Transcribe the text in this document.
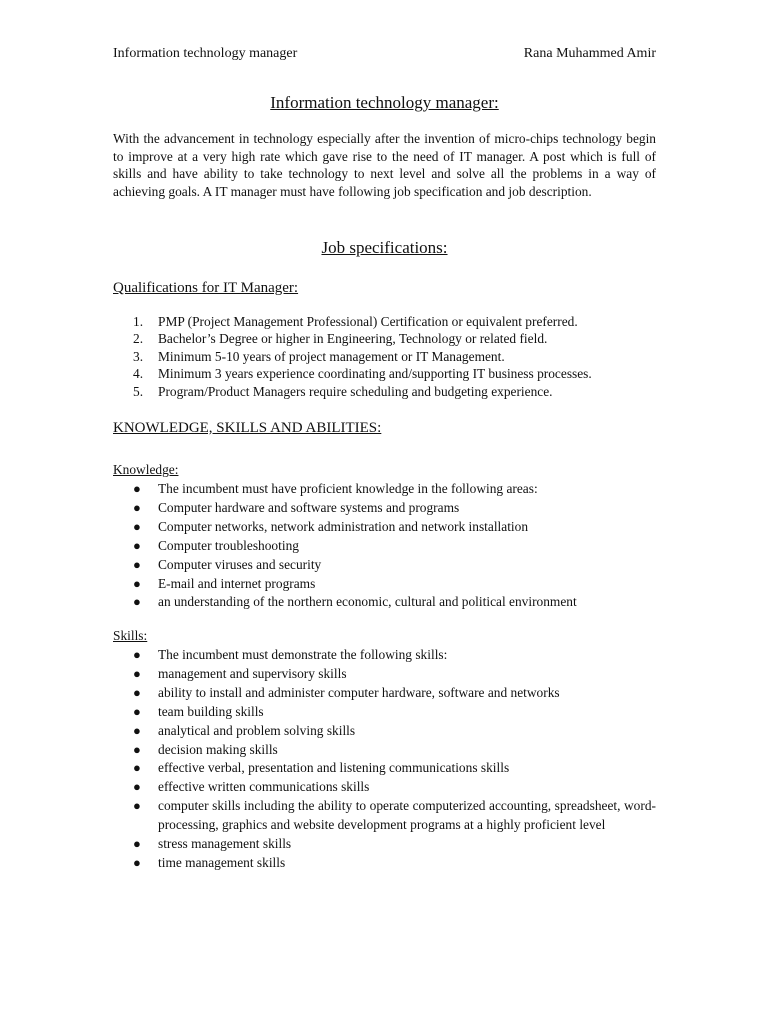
Information technology manager	Rana Muhammed Amir
Information technology manager:

With the advancement in technology especially after the invention of micro-chips technology begin to improve at a very high rate which gave rise to the need of IT manager. A post which is full of skills and have ability to take technology to next level and solve all the problems in a way of achieving goals. A IT manager must have following job specification and job description.

Job specifications:
Qualifications for IT Manager:
1.	PMP (Project Management Professional) Certification or equivalent preferred.
2.	Bachelor’s Degree or higher in Engineering, Technology or related field.
3.	Minimum 5-10 years of project management or IT Management.
4.	Minimum 3 years experience coordinating and/supporting IT business processes.
5.	Program/Product Managers require scheduling and budgeting experience.
KNOWLEDGE, SKILLS AND ABILITIES:
Knowledge:
●	The incumbent must have proficient knowledge in the following areas:
●	Computer hardware and software systems and programs
●	Computer networks, network administration and network installation
●	Computer troubleshooting
●	Computer viruses and security
●	E-mail and internet programs
●	an understanding of the northern economic, cultural and political environment
Skills:
●	The incumbent must demonstrate the following skills:
●	management and supervisory skills
●	ability to install and administer computer hardware, software and networks
●	team building skills
●	analytical and problem solving skills
●	decision making skills
●	effective verbal, presentation and listening communications skills
●	effective written communications skills
●	computer skills including the ability to operate computerized accounting, spreadsheet, word-processing, graphics and website development programs at a highly proficient level
●	stress management skills
●	time management skills
